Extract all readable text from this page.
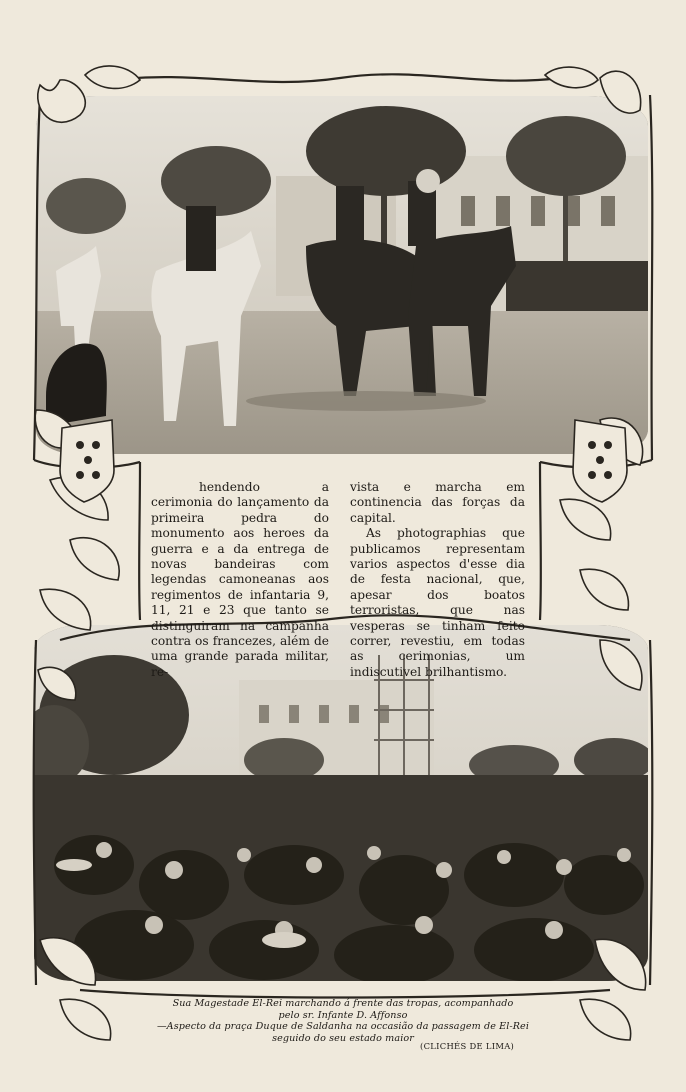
hendendo a cerimonia do lançamento da primeira pedra do monumento aos heroes da guerra e a da entrega de novas bandeiras com legendas camoneanas aos regimentos de infantaria 9, 11, 21 e 23 que tanto se distinguiram na campanha contra os francezes, além de uma grande parada militar, re-

vista e marcha em continencia das forças da capital.

As photographias que publicamos representam varios aspectos d'esse dia de festa nacional, que, apesar dos boatos terroristas, que nas vesperas se tinham feito correr, revestiu, em todas as cerimonias, um indiscutivel brilhantismo.

Sua Magestade El-Rei marchando á frente das tropas, acompanhado

pelo sr. Infante D. Affonso

—Aspecto da praça Duque de Saldanha na occasião da passagem de El-Rei

seguido do seu estado maior

(CLICHÉS DE LIMA)
